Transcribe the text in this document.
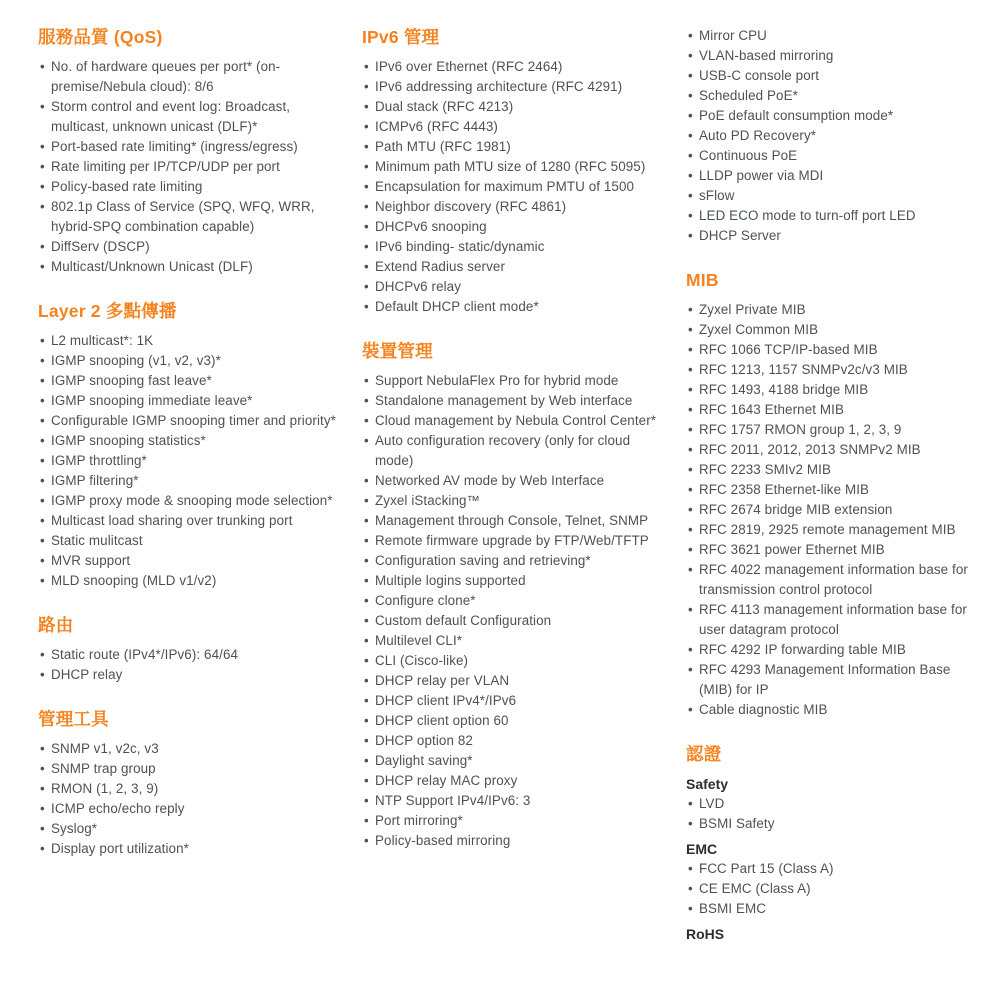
服務品質 (QoS)
• No. of hardware queues per port* (on-premise/Nebula cloud): 8/6
• Storm control and event log: Broadcast, multicast, unknown unicast (DLF)*
• Port-based rate limiting* (ingress/egress)
• Rate limiting per IP/TCP/UDP per port
• Policy-based rate limiting
• 802.1p Class of Service (SPQ, WFQ, WRR, hybrid-SPQ combination capable)
• DiffServ (DSCP)
• Multicast/Unknown Unicast (DLF)
Layer 2 多點傳播
• L2 multicast*: 1K
• IGMP snooping (v1, v2, v3)*
• IGMP snooping fast leave*
• IGMP snooping immediate leave*
• Configurable IGMP snooping timer and priority*
• IGMP snooping statistics*
• IGMP throttling*
• IGMP filtering*
• IGMP proxy mode & snooping mode selection*
• Multicast load sharing over trunking port
• Static mulitcast
• MVR support
• MLD snooping (MLD v1/v2)
路由
• Static route (IPv4*/IPv6): 64/64
• DHCP relay
管理工具
• SNMP v1, v2c, v3
• SNMP trap group
• RMON (1, 2, 3, 9)
• ICMP echo/echo reply
• Syslog*
• Display port utilization*
IPv6 管理
• IPv6 over Ethernet (RFC 2464)
• IPv6 addressing architecture (RFC 4291)
• Dual stack (RFC 4213)
• ICMPv6 (RFC 4443)
• Path MTU (RFC 1981)
• Minimum path MTU size of 1280 (RFC 5095)
• Encapsulation for maximum PMTU of 1500
• Neighbor discovery (RFC 4861)
• DHCPv6 snooping
• IPv6 binding- static/dynamic
• Extend Radius server
• DHCPv6 relay
• Default DHCP client mode*
裝置管理
• Support NebulaFlex Pro for hybrid mode
• Standalone management by Web interface
• Cloud management by Nebula Control Center*
• Auto configuration recovery (only for cloud mode)
• Networked AV mode by Web Interface
• Zyxel iStacking™
• Management through Console, Telnet, SNMP
• Remote firmware upgrade by FTP/Web/TFTP
• Configuration saving and retrieving*
• Multiple logins supported
• Configure clone*
• Custom default Configuration
• Multilevel CLI*
• CLI (Cisco-like)
• DHCP relay per VLAN
• DHCP client IPv4*/IPv6
• DHCP client option 60
• DHCP option 82
• Daylight saving*
• DHCP relay MAC proxy
• NTP Support IPv4/IPv6: 3
• Port mirroring*
• Policy-based mirroring
• Mirror CPU
• VLAN-based mirroring
• USB-C console port
• Scheduled PoE*
• PoE default consumption mode*
• Auto PD Recovery*
• Continuous PoE
• LLDP power via MDI
• sFlow
• LED ECO mode to turn-off port LED
• DHCP Server
MIB
• Zyxel Private MIB
• Zyxel Common MIB
• RFC 1066 TCP/IP-based MIB
• RFC 1213, 1157 SNMPv2c/v3 MIB
• RFC 1493, 4188 bridge MIB
• RFC 1643 Ethernet MIB
• RFC 1757 RMON group 1, 2, 3, 9
• RFC 2011, 2012, 2013 SNMPv2 MIB
• RFC 2233 SMIv2 MIB
• RFC 2358 Ethernet-like MIB
• RFC 2674 bridge MIB extension
• RFC 2819, 2925 remote management MIB
• RFC 3621 power Ethernet MIB
• RFC 4022 management information base for transmission control protocol
• RFC 4113 management information base for user datagram protocol
• RFC 4292 IP forwarding table MIB
• RFC 4293 Management Information Base (MIB) for IP
• Cable diagnostic MIB
認證
Safety
• LVD
• BSMI Safety
EMC
• FCC Part 15 (Class A)
• CE EMC (Class A)
• BSMI EMC
RoHS
